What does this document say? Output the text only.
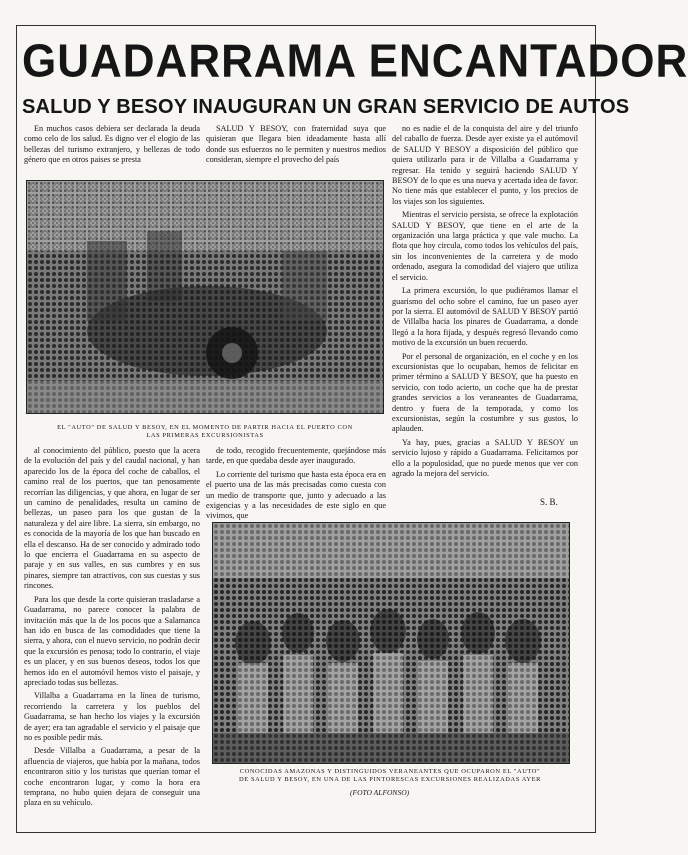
GUADARRAMA ENCANTADOR
SALUD Y BESOY INAUGURAN UN GRAN SERVICIO DE AUTOS

En muchos casos debiera ser declarada la deuda como celo de los salud. Es digno ver el elogio de las bellezas del turismo extranjero, y bellezas de todo género que en otros paises se presta

SALUD Y BESOY, con fraternidad suya que quisieran que llegara bien ideadamente hasta allí donde sus esfuerzos no le permiten y nuestros medios consideran, siempre el provecho del país

no es nadie el de la conquista del aire y del triunfo del caballo de fuerza. Desde ayer existe ya el autómovil de SALUD Y BESOY a disposición del público que quiera utilizarlo para ir de Villalba a Guadarrama y regresar. Ha tenido y seguirá haciendo SALUD Y BESOY de lo que es una nueva y acertada idea de favor. No tiene más que establecer el punto, y los precios de los viajes son los siguientes.

Mientras el servicio persista, se ofrece la explotación SALUD Y BESOY, que tiene en el arte de la organización una larga práctica y que vale mucho. La flota que hoy circula, como todos los vehículos del país, sin los inconvenientes de la carretera y de modo ordenado, asegura la comodidad del viajero que utiliza el servicio.

La primera excursión, lo que pudiéramos llamar el guarismo del ocho sobre el camino, fue un paseo ayer por la sierra. El automóvil de SALUD Y BESOY partió de Villalba hacia los pinares de Guadarrama, a donde llegó a la hora fijada, y después regresó llevando como motivo de la excursión un buen recuerdo.

Por el personal de organización, en el coche y en los excursionistas que lo ocupaban, hemos de felicitar en primer término a SALUD Y BESOY, que ha puesto en servicio, con todo acierto, un coche que ha de prestar grandes servicios a los veraneantes de Guadarrama, dentro y fuera de la temporada, y como los excursionistas, según la costumbre y sus gustos, lo aplauden.

Ya hay, pues, gracias a SALUD Y BESOY un servicio lujoso y rápido a Guadarrama. Felicitamos por ello a la populosidad, que no puede menos que ver con agrado la mejora del servicio.

S. B.
EL "AUTO" DE SALUD Y BESOY, EN EL MOMENTO DE PARTIR HACIA EL PUERTO CON
LAS PRIMERAS EXCURSIONISTAS

al conocimiento del público, puesto que la acera de la evolución del país y del caudal nacional, y han aparecido los de la época del coche de caballos, el camino real de los puertos, que tan penosamente recorrían las diligencias, y que ahora, en lugar de ser un camino de penalidades, resulta un camino de bellezas, un paseo para los que gustan de la naturaleza y del aire libre. La sierra, sin embargo, no es conocida de la mayoría de los que han buscado en ella el descanso. Ha de ser conocido y admirado todo lo que encierra el Guadarrama en su aspecto de paraje y en sus valles, en sus cumbres y en sus pinares, siempre tan atractivos, con sus cuestas y sus rincones.

Para los que desde la corte quisieran trasladarse a Guadarrama, no parece conocer la palabra de invitación más que la de los pocos que a Salamanca han ido en busca de las comodidades que tiene la sierra, y ahora, con el nuevo servicio, no podrán decir que la excursión es penosa; todo lo contrario, el viaje es un placer, y en sus buenos deseos, todos los que hemos ido en el automóvil hemos visto el paisaje, y apreciado todas sus bellezas.

Villalba a Guadarrama en la línea de turismo, recorriendo la carretera y los pueblos del Guadarrama, se han hecho los viajes y la excursión de ayer; era tan agradable el servicio y el paisaje que no es posible pedir más.

Desde Villalba a Guadarrama, a pesar de la afluencia de viajeros, que había por la mañana, todos encontraron sitio y los turistas que querían tomar el coche encontraron lugar, y como la hora era temprana, no hubo quien dejara de conseguir una plaza en su vehículo.

de todo, recogido frecuentemente, quejándose más tarde, en que quedaba desde ayer inaugurado.

Lo corriente del turismo que hasta esta época era en el puerto una de las más precisadas como cuesta con un medio de transporte que, junto y adecuado a las exigencias y a las necesidades de este siglo en que vivimos, que

CONOCIDAS AMAZONAS Y DISTINGUIDOS VERANEANTES QUE OCUPARON EL "AUTO"
DE SALUD Y BESOY, EN UNA DE LAS PINTORESCAS EXCURSIONES REALIZADAS AYER
(FOTO ALFONSO)
